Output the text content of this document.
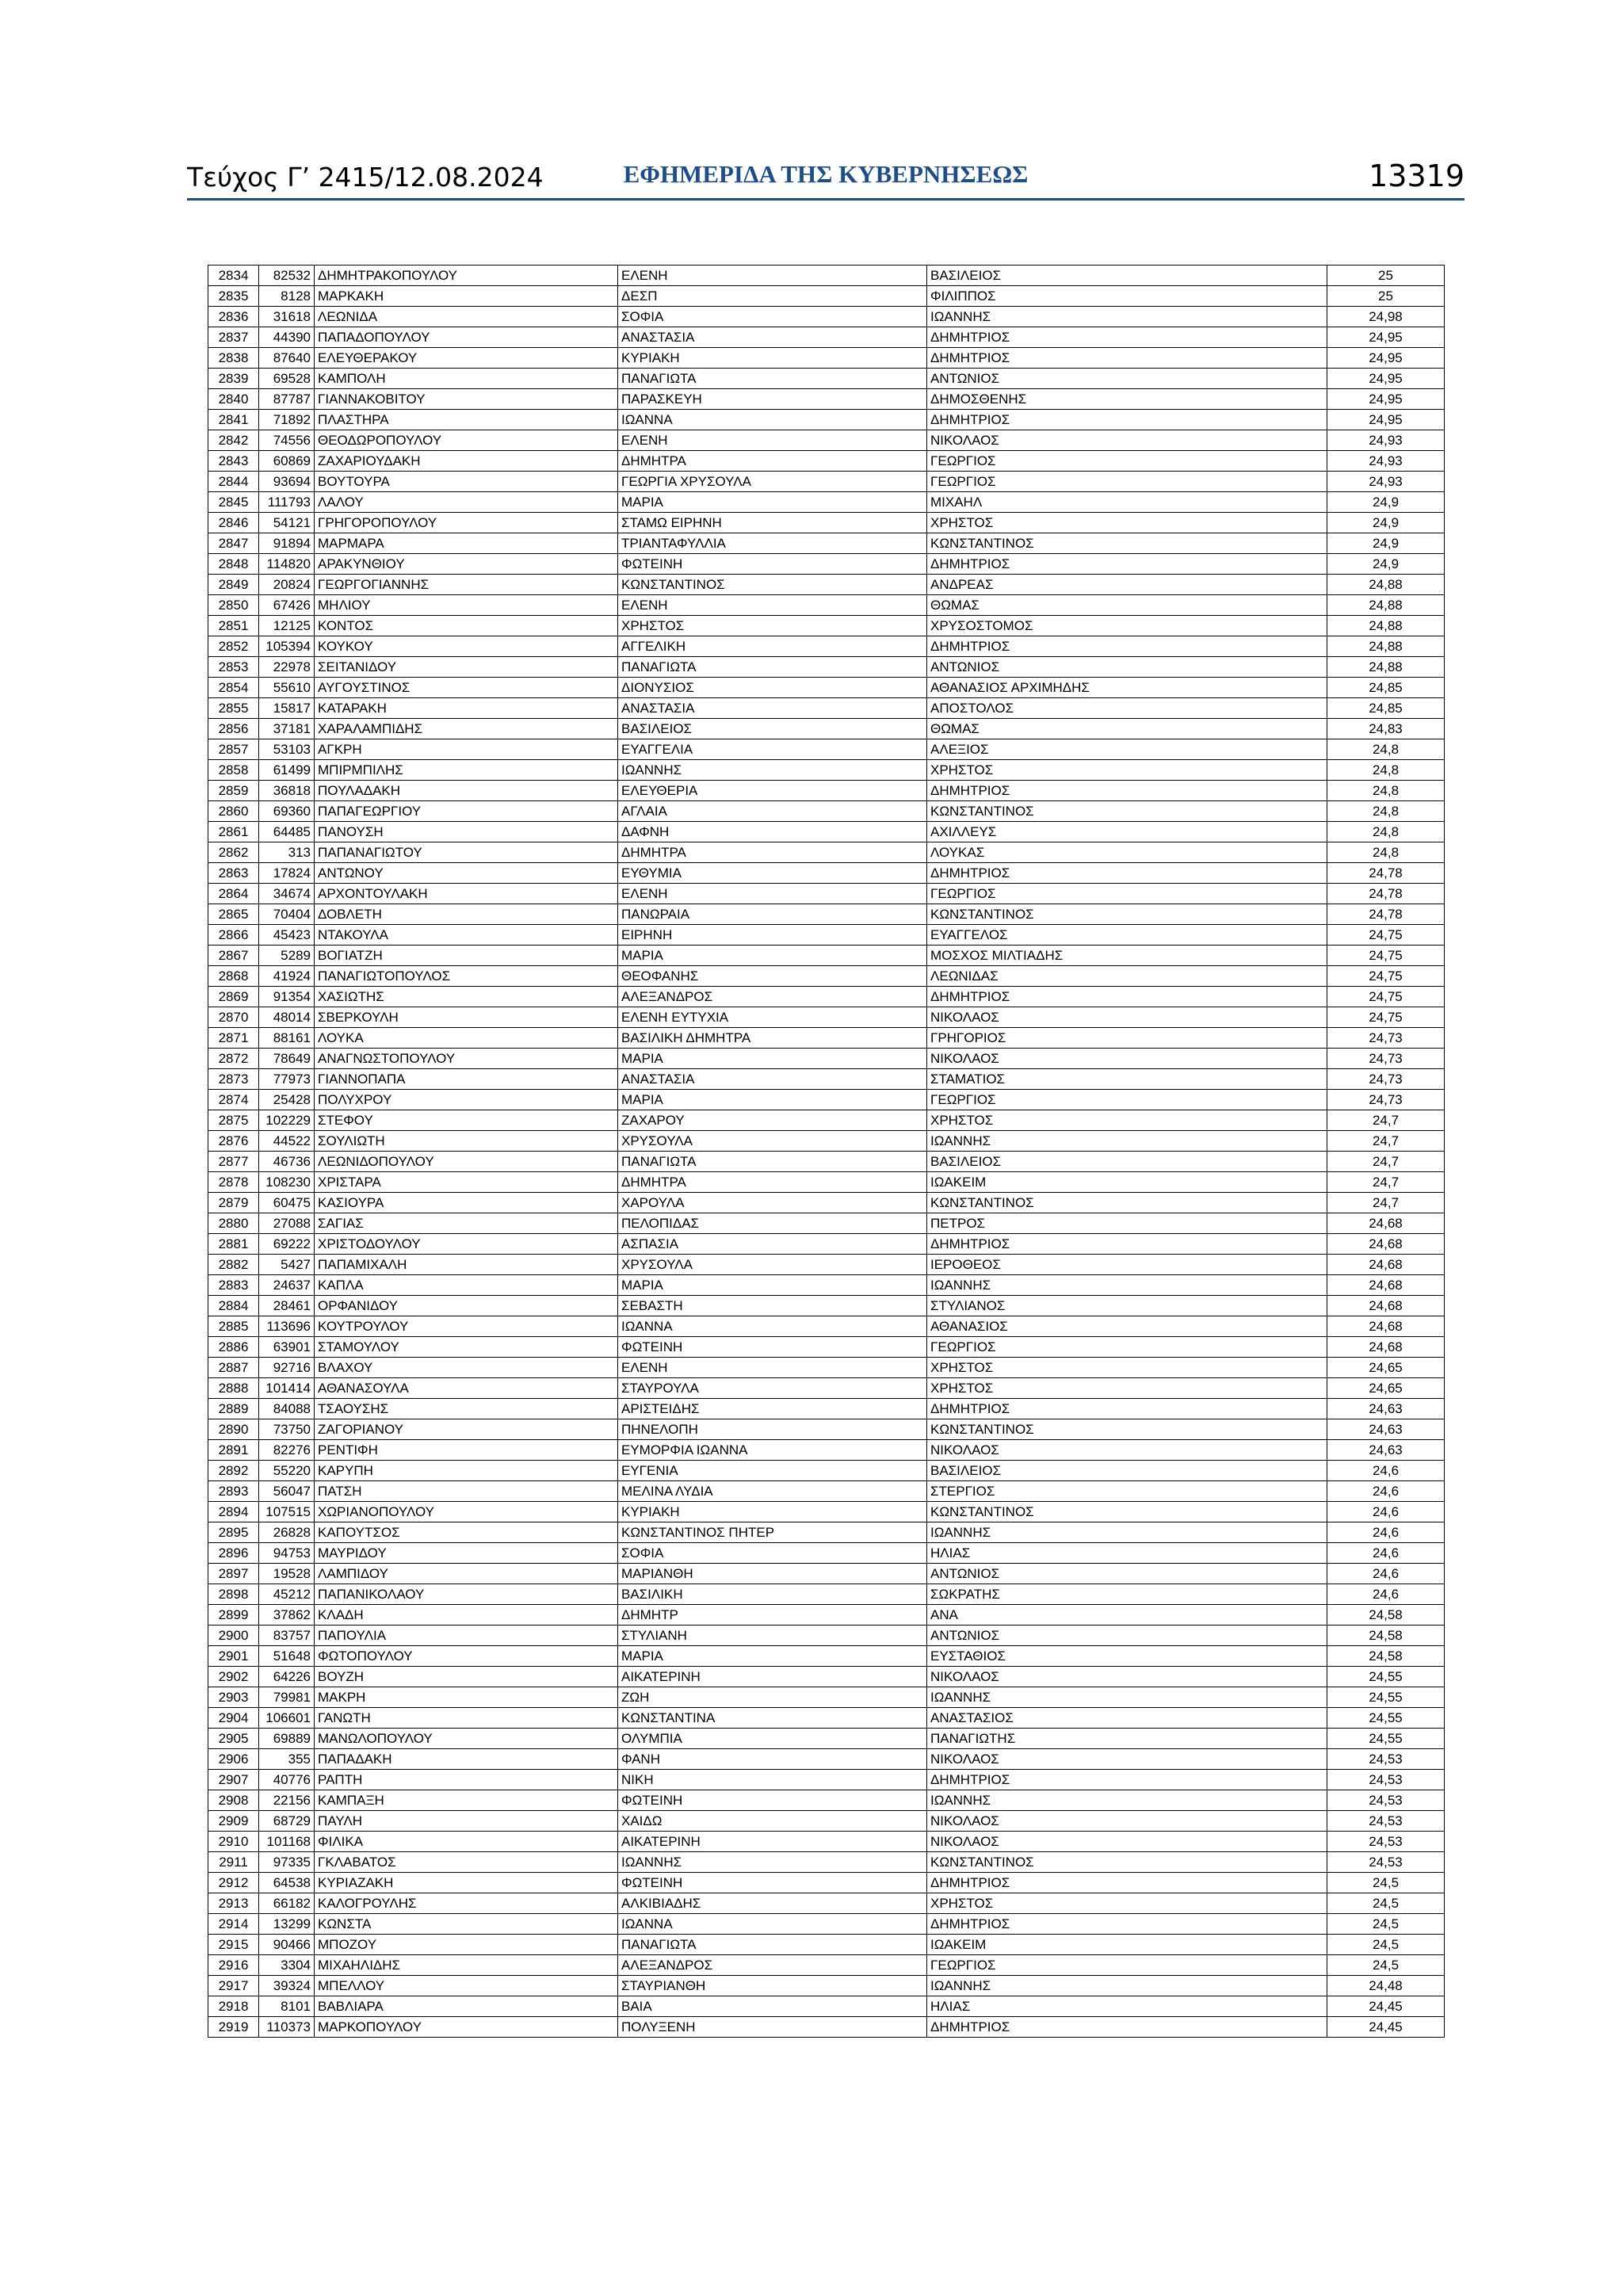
Τεύχος Γ’ 2415/12.08.2024	ΕΦΗΜΕΡΙΔΑ ΤΗΣ ΚΥΒΕΡΝΗΣΕΩΣ	13319
2834	82532	ΔΗΜΗΤΡΑΚΟΠΟΥΛΟΥ	ΕΛΕΝΗ	ΒΑΣΙΛΕΙΟΣ	25
2835	8128	ΜΑΡΚΑΚΗ	ΔΕΣΠ	ΦΙΛΙΠΠΟΣ	25
2836	31618	ΛΕΩΝΙΔΑ	ΣΟΦΙΑ	ΙΩΑΝΝΗΣ	24,98
2837	44390	ΠΑΠΑΔΟΠΟΥΛΟΥ	ΑΝΑΣΤΑΣΙΑ	ΔΗΜΗΤΡΙΟΣ	24,95
2838	87640	ΕΛΕΥΘΕΡΑΚΟΥ	ΚΥΡΙΑΚΗ	ΔΗΜΗΤΡΙΟΣ	24,95
2839	69528	ΚΑΜΠΟΛΗ	ΠΑΝΑΓΙΩΤΑ	ΑΝΤΩΝΙΟΣ	24,95
2840	87787	ΓΙΑΝΝΑΚΟΒΙΤΟΥ	ΠΑΡΑΣΚΕΥΗ	ΔΗΜΟΣΘΕΝΗΣ	24,95
2841	71892	ΠΛΑΣΤΗΡΑ	ΙΩΑΝΝΑ	ΔΗΜΗΤΡΙΟΣ	24,95
2842	74556	ΘΕΟΔΩΡΟΠΟΥΛΟΥ	ΕΛΕΝΗ	ΝΙΚΟΛΑΟΣ	24,93
2843	60869	ΖΑΧΑΡΙΟΥΔΑΚΗ	ΔΗΜΗΤΡΑ	ΓΕΩΡΓΙΟΣ	24,93
2844	93694	ΒΟΥΤΟΥΡΑ	ΓΕΩΡΓΙΑ ΧΡΥΣΟΥΛΑ	ΓΕΩΡΓΙΟΣ	24,93
2845	111793	ΛΑΛΟΥ	ΜΑΡΙΑ	ΜΙΧΑΗΛ	24,9
2846	54121	ΓΡΗΓΟΡΟΠΟΥΛΟΥ	ΣΤΑΜΩ ΕΙΡΗΝΗ	ΧΡΗΣΤΟΣ	24,9
2847	91894	ΜΑΡΜΑΡΑ	ΤΡΙΑΝΤΑΦΥΛΛΙΑ	ΚΩΝΣΤΑΝΤΙΝΟΣ	24,9
2848	114820	ΑΡΑΚΥΝΘΙΟΥ	ΦΩΤΕΙΝΗ	ΔΗΜΗΤΡΙΟΣ	24,9
2849	20824	ΓΕΩΡΓΟΓΙΑΝΝΗΣ	ΚΩΝΣΤΑΝΤΙΝΟΣ	ΑΝΔΡΕΑΣ	24,88
2850	67426	ΜΗΛΙΟΥ	ΕΛΕΝΗ	ΘΩΜΑΣ	24,88
2851	12125	ΚΟΝΤΟΣ	ΧΡΗΣΤΟΣ	ΧΡΥΣΟΣΤΟΜΟΣ	24,88
2852	105394	ΚΟΥΚΟΥ	ΑΓΓΕΛΙΚΗ	ΔΗΜΗΤΡΙΟΣ	24,88
2853	22978	ΣΕΙΤΑΝΙΔΟΥ	ΠΑΝΑΓΙΩΤΑ	ΑΝΤΩΝΙΟΣ	24,88
2854	55610	ΑΥΓΟΥΣΤΙΝΟΣ	ΔΙΟΝΥΣΙΟΣ	ΑΘΑΝΑΣΙΟΣ ΑΡΧΙΜΗΔΗΣ	24,85
2855	15817	ΚΑΤΑΡΑΚΗ	ΑΝΑΣΤΑΣΙΑ	ΑΠΟΣΤΟΛΟΣ	24,85
2856	37181	ΧΑΡΑΛΑΜΠΙΔΗΣ	ΒΑΣΙΛΕΙΟΣ	ΘΩΜΑΣ	24,83
2857	53103	ΑΓΚΡΗ	ΕΥΑΓΓΕΛΙΑ	ΑΛΕΞΙΟΣ	24,8
2858	61499	ΜΠΙΡΜΠΙΛΗΣ	ΙΩΑΝΝΗΣ	ΧΡΗΣΤΟΣ	24,8
2859	36818	ΠΟΥΛΑΔΑΚΗ	ΕΛΕΥΘΕΡΙΑ	ΔΗΜΗΤΡΙΟΣ	24,8
2860	69360	ΠΑΠΑΓΕΩΡΓΙΟΥ	ΑΓΛΑΙΑ	ΚΩΝΣΤΑΝΤΙΝΟΣ	24,8
2861	64485	ΠΑΝΟΥΣΗ	ΔΑΦΝΗ	ΑΧΙΛΛΕΥΣ	24,8
2862	313	ΠΑΠΑΝΑΓΙΩΤΟΥ	ΔΗΜΗΤΡΑ	ΛΟΥΚΑΣ	24,8
2863	17824	ΑΝΤΩΝΟΥ	ΕΥΘΥΜΙΑ	ΔΗΜΗΤΡΙΟΣ	24,78
2864	34674	ΑΡΧΟΝΤΟΥΛΑΚΗ	ΕΛΕΝΗ	ΓΕΩΡΓΙΟΣ	24,78
2865	70404	ΔΟΒΛΕΤΗ	ΠΑΝΩΡΑΙΑ	ΚΩΝΣΤΑΝΤΙΝΟΣ	24,78
2866	45423	ΝΤΑΚΟΥΛΑ	ΕΙΡΗΝΗ	ΕΥΑΓΓΕΛΟΣ	24,75
2867	5289	ΒΟΓΙΑΤΖΗ	ΜΑΡΙΑ	ΜΟΣΧΟΣ ΜΙΛΤΙΑΔΗΣ	24,75
2868	41924	ΠΑΝΑΓΙΩΤΟΠΟΥΛΟΣ	ΘΕΟΦΑΝΗΣ	ΛΕΩΝΙΔΑΣ	24,75
2869	91354	ΧΑΣΙΩΤΗΣ	ΑΛΕΞΑΝΔΡΟΣ	ΔΗΜΗΤΡΙΟΣ	24,75
2870	48014	ΣΒΕΡΚΟΥΛΗ	ΕΛΕΝΗ ΕΥΤΥΧΙΑ	ΝΙΚΟΛΑΟΣ	24,75
2871	88161	ΛΟΥΚΑ	ΒΑΣΙΛΙΚΗ ΔΗΜΗΤΡΑ	ΓΡΗΓΟΡΙΟΣ	24,73
2872	78649	ΑΝΑΓΝΩΣΤΟΠΟΥΛΟΥ	ΜΑΡΙΑ	ΝΙΚΟΛΑΟΣ	24,73
2873	77973	ΓΙΑΝΝΟΠΑΠΑ	ΑΝΑΣΤΑΣΙΑ	ΣΤΑΜΑΤΙΟΣ	24,73
2874	25428	ΠΟΛΥΧΡΟΥ	ΜΑΡΙΑ	ΓΕΩΡΓΙΟΣ	24,73
2875	102229	ΣΤΕΦΟΥ	ΖΑΧΑΡΟΥ	ΧΡΗΣΤΟΣ	24,7
2876	44522	ΣΟΥΛΙΩΤΗ	ΧΡΥΣΟΥΛΑ	ΙΩΑΝΝΗΣ	24,7
2877	46736	ΛΕΩΝΙΔΟΠΟΥΛΟΥ	ΠΑΝΑΓΙΩΤΑ	ΒΑΣΙΛΕΙΟΣ	24,7
2878	108230	ΧΡΙΣΤΑΡΑ	ΔΗΜΗΤΡΑ	ΙΩΑΚΕΙΜ	24,7
2879	60475	ΚΑΣΙΟΥΡΑ	ΧΑΡΟΥΛΑ	ΚΩΝΣΤΑΝΤΙΝΟΣ	24,7
2880	27088	ΣΑΓΙΑΣ	ΠΕΛΟΠΙΔΑΣ	ΠΕΤΡΟΣ	24,68
2881	69222	ΧΡΙΣΤΟΔΟΥΛΟΥ	ΑΣΠΑΣΙΑ	ΔΗΜΗΤΡΙΟΣ	24,68
2882	5427	ΠΑΠΑΜΙΧΑΛΗ	ΧΡΥΣΟΥΛΑ	ΙΕΡΟΘΕΟΣ	24,68
2883	24637	ΚΑΠΛΑ	ΜΑΡΙΑ	ΙΩΑΝΝΗΣ	24,68
2884	28461	ΟΡΦΑΝΙΔΟΥ	ΣΕΒΑΣΤΗ	ΣΤΥΛΙΑΝΟΣ	24,68
2885	113696	ΚΟΥΤΡΟΥΛΟΥ	ΙΩΑΝΝΑ	ΑΘΑΝΑΣΙΟΣ	24,68
2886	63901	ΣΤΑΜΟΥΛΟΥ	ΦΩΤΕΙΝΗ	ΓΕΩΡΓΙΟΣ	24,68
2887	92716	ΒΛΑΧΟΥ	ΕΛΕΝΗ	ΧΡΗΣΤΟΣ	24,65
2888	101414	ΑΘΑΝΑΣΟΥΛΑ	ΣΤΑΥΡΟΥΛΑ	ΧΡΗΣΤΟΣ	24,65
2889	84088	ΤΣΑΟΥΣΗΣ	ΑΡΙΣΤΕΙΔΗΣ	ΔΗΜΗΤΡΙΟΣ	24,63
2890	73750	ΖΑΓΟΡΙΑΝΟΥ	ΠΗΝΕΛΟΠΗ	ΚΩΝΣΤΑΝΤΙΝΟΣ	24,63
2891	82276	ΡΕΝΤΙΦΗ	ΕΥΜΟΡΦΙΑ ΙΩΑΝΝΑ	ΝΙΚΟΛΑΟΣ	24,63
2892	55220	ΚΑΡΥΠΗ	ΕΥΓΕΝΙΑ	ΒΑΣΙΛΕΙΟΣ	24,6
2893	56047	ΠΑΤΣΗ	ΜΕΛΙΝΑ ΛΥΔΙΑ	ΣΤΕΡΓΙΟΣ	24,6
2894	107515	ΧΩΡΙΑΝΟΠΟΥΛΟΥ	ΚΥΡΙΑΚΗ	ΚΩΝΣΤΑΝΤΙΝΟΣ	24,6
2895	26828	ΚΑΠΟΥΤΣΟΣ	ΚΩΝΣΤΑΝΤΙΝΟΣ ΠΗΤΕΡ	ΙΩΑΝΝΗΣ	24,6
2896	94753	ΜΑΥΡΙΔΟΥ	ΣΟΦΙΑ	ΗΛΙΑΣ	24,6
2897	19528	ΛΑΜΠΙΔΟΥ	ΜΑΡΙΑΝΘΗ	ΑΝΤΩΝΙΟΣ	24,6
2898	45212	ΠΑΠΑΝΙΚΟΛΑΟΥ	ΒΑΣΙΛΙΚΗ	ΣΩΚΡΑΤΗΣ	24,6
2899	37862	ΚΛΑΔΗ	ΔΗΜΗΤΡ	ΑΝΑ	24,58
2900	83757	ΠΑΠΟΥΛΙΑ	ΣΤΥΛΙΑΝΗ	ΑΝΤΩΝΙΟΣ	24,58
2901	51648	ΦΩΤΟΠΟΥΛΟΥ	ΜΑΡΙΑ	ΕΥΣΤΑΘΙΟΣ	24,58
2902	64226	ΒΟΥΖΗ	ΑΙΚΑΤΕΡΙΝΗ	ΝΙΚΟΛΑΟΣ	24,55
2903	79981	ΜΑΚΡΗ	ΖΩΗ	ΙΩΑΝΝΗΣ	24,55
2904	106601	ΓΑΝΩΤΗ	ΚΩΝΣΤΑΝΤΙΝΑ	ΑΝΑΣΤΑΣΙΟΣ	24,55
2905	69889	ΜΑΝΩΛΟΠΟΥΛΟΥ	ΟΛΥΜΠΙΑ	ΠΑΝΑΓΙΩΤΗΣ	24,55
2906	355	ΠΑΠΑΔΑΚΗ	ΦΑΝΗ	ΝΙΚΟΛΑΟΣ	24,53
2907	40776	ΡΑΠΤΗ	ΝΙΚΗ	ΔΗΜΗΤΡΙΟΣ	24,53
2908	22156	ΚΑΜΠΑΞΗ	ΦΩΤΕΙΝΗ	ΙΩΑΝΝΗΣ	24,53
2909	68729	ΠΑΥΛΗ	ΧΑΙΔΩ	ΝΙΚΟΛΑΟΣ	24,53
2910	101168	ΦΙΛΙΚΑ	ΑΙΚΑΤΕΡΙΝΗ	ΝΙΚΟΛΑΟΣ	24,53
2911	97335	ΓΚΛΑΒΑΤΟΣ	ΙΩΑΝΝΗΣ	ΚΩΝΣΤΑΝΤΙΝΟΣ	24,53
2912	64538	ΚΥΡΙΑΖΑΚΗ	ΦΩΤΕΙΝΗ	ΔΗΜΗΤΡΙΟΣ	24,5
2913	66182	ΚΑΛΟΓΡΟΥΛΗΣ	ΑΛΚΙΒΙΑΔΗΣ	ΧΡΗΣΤΟΣ	24,5
2914	13299	ΚΩΝΣΤΑ	ΙΩΑΝΝΑ	ΔΗΜΗΤΡΙΟΣ	24,5
2915	90466	ΜΠΟΖΟΥ	ΠΑΝΑΓΙΩΤΑ	ΙΩΑΚΕΙΜ	24,5
2916	3304	ΜΙΧΑΗΛΙΔΗΣ	ΑΛΕΞΑΝΔΡΟΣ	ΓΕΩΡΓΙΟΣ	24,5
2917	39324	ΜΠΕΛΛΟΥ	ΣΤΑΥΡΙΑΝΘΗ	ΙΩΑΝΝΗΣ	24,48
2918	8101	ΒΑΒΛΙΑΡΑ	ΒΑΙΑ	ΗΛΙΑΣ	24,45
2919	110373	ΜΑΡΚΟΠΟΥΛΟΥ	ΠΟΛΥΞΕΝΗ	ΔΗΜΗΤΡΙΟΣ	24,45
